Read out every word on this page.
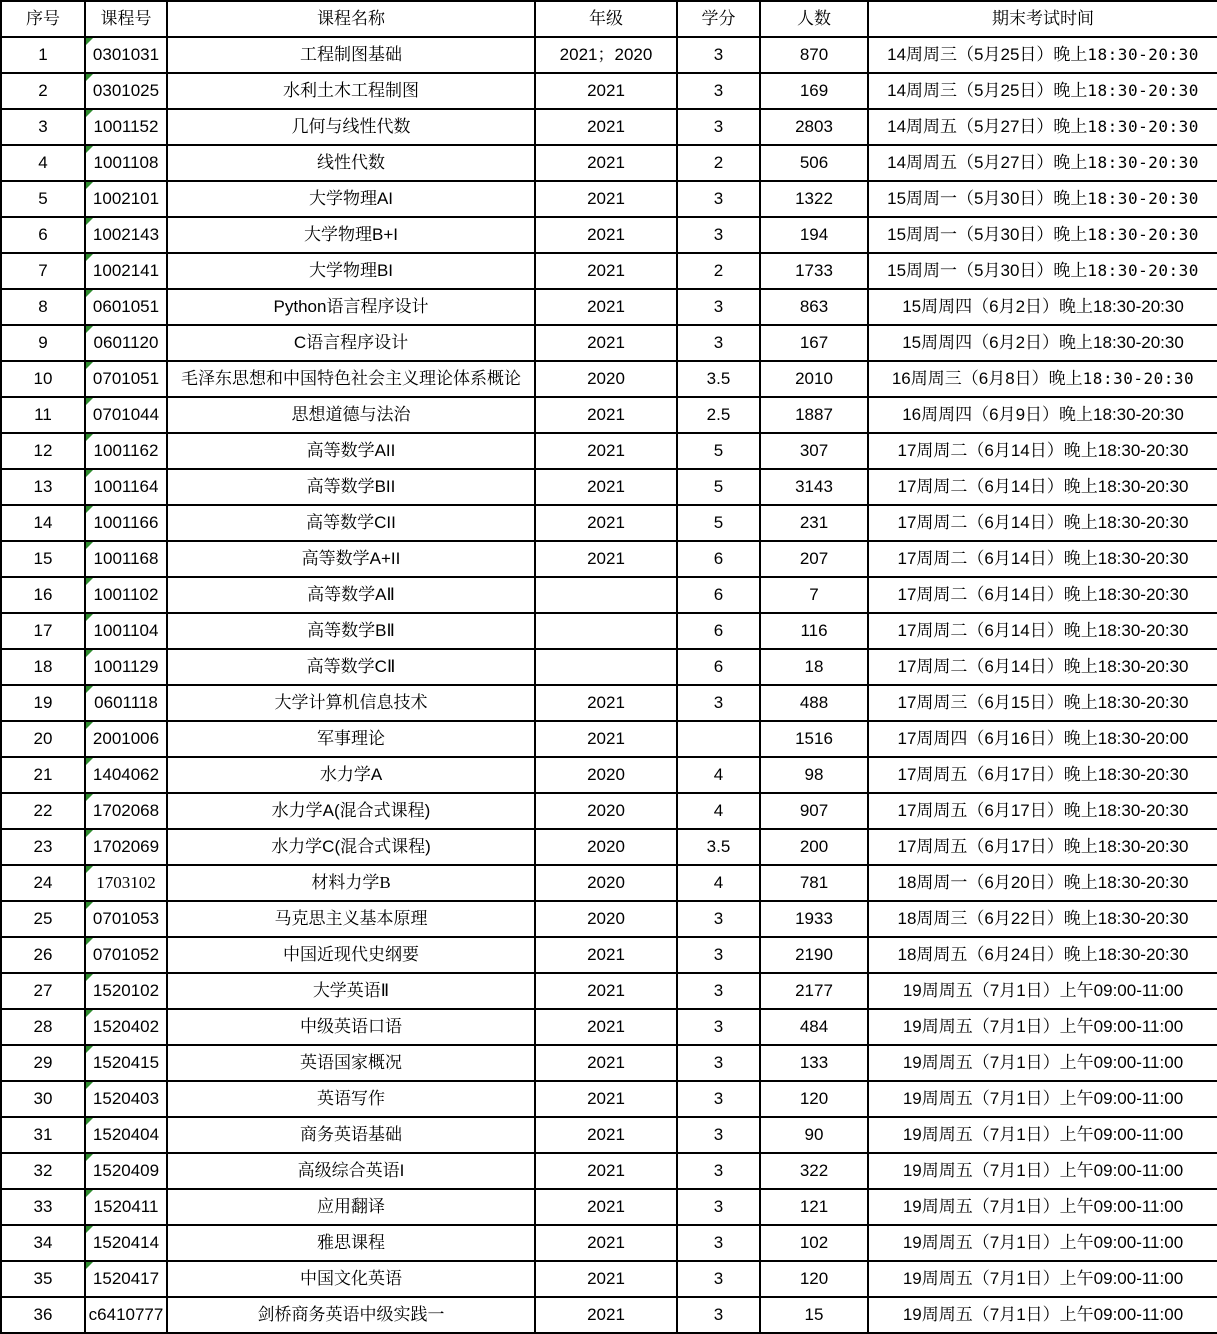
序号	课程号	课程名称	年级	学分	人数	期末考试时间
1	0301031	工程制图基础	2021；2020	3	870	14周周三（5月25日）晚上18:30-20:30
2	0301025	水利土木工程制图	2021	3	169	14周周三（5月25日）晚上18:30-20:30
3	1001152	几何与线性代数	2021	3	2803	14周周五（5月27日）晚上18:30-20:30
4	1001108	线性代数	2021	2	506	14周周五（5月27日）晚上18:30-20:30
5	1002101	大学物理AI	2021	3	1322	15周周一（5月30日）晚上18:30-20:30
6	1002143	大学物理B+I	2021	3	194	15周周一（5月30日）晚上18:30-20:30
7	1002141	大学物理BI	2021	2	1733	15周周一（5月30日）晚上18:30-20:30
8	0601051	Python语言程序设计	2021	3	863	15周周四（6月2日）晚上18:30-20:30
9	0601120	C语言程序设计	2021	3	167	15周周四（6月2日）晚上18:30-20:30
10	0701051	毛泽东思想和中国特色社会主义理论体系概论	2020	3.5	2010	16周周三（6月8日）晚上18:30-20:30
11	0701044	思想道德与法治	2021	2.5	1887	16周周四（6月9日）晚上18:30-20:30
12	1001162	高等数学AII	2021	5	307	17周周二（6月14日）晚上18:30-20:30
13	1001164	高等数学BII	2021	5	3143	17周周二（6月14日）晚上18:30-20:30
14	1001166	高等数学CII	2021	5	231	17周周二（6月14日）晚上18:30-20:30
15	1001168	高等数学A+II	2021	6	207	17周周二（6月14日）晚上18:30-20:30
16	1001102	高等数学AⅡ		6	7	17周周二（6月14日）晚上18:30-20:30
17	1001104	高等数学BⅡ		6	116	17周周二（6月14日）晚上18:30-20:30
18	1001129	高等数学CⅡ		6	18	17周周二（6月14日）晚上18:30-20:30
19	0601118	大学计算机信息技术	2021	3	488	17周周三（6月15日）晚上18:30-20:30
20	2001006	军事理论	2021		1516	17周周四（6月16日）晚上18:30-20:00
21	1404062	水力学A	2020	4	98	17周周五（6月17日）晚上18:30-20:30
22	1702068	水力学A(混合式课程)	2020	4	907	17周周五（6月17日）晚上18:30-20:30
23	1702069	水力学C(混合式课程)	2020	3.5	200	17周周五（6月17日）晚上18:30-20:30
24	1703102	材料力学B	2020	4	781	18周周一（6月20日）晚上18:30-20:30
25	0701053	马克思主义基本原理	2020	3	1933	18周周三（6月22日）晚上18:30-20:30
26	0701052	中国近现代史纲要	2021	3	2190	18周周五（6月24日）晚上18:30-20:30
27	1520102	大学英语Ⅱ	2021	3	2177	19周周五（7月1日）上午09:00-11:00
28	1520402	中级英语口语	2021	3	484	19周周五（7月1日）上午09:00-11:00
29	1520415	英语国家概况	2021	3	133	19周周五（7月1日）上午09:00-11:00
30	1520403	英语写作	2021	3	120	19周周五（7月1日）上午09:00-11:00
31	1520404	商务英语基础	2021	3	90	19周周五（7月1日）上午09:00-11:00
32	1520409	高级综合英语I	2021	3	322	19周周五（7月1日）上午09:00-11:00
33	1520411	应用翻译	2021	3	121	19周周五（7月1日）上午09:00-11:00
34	1520414	雅思课程	2021	3	102	19周周五（7月1日）上午09:00-11:00
35	1520417	中国文化英语	2021	3	120	19周周五（7月1日）上午09:00-11:00
36	c6410777	剑桥商务英语中级实践一	2021	3	15	19周周五（7月1日）上午09:00-11:00
